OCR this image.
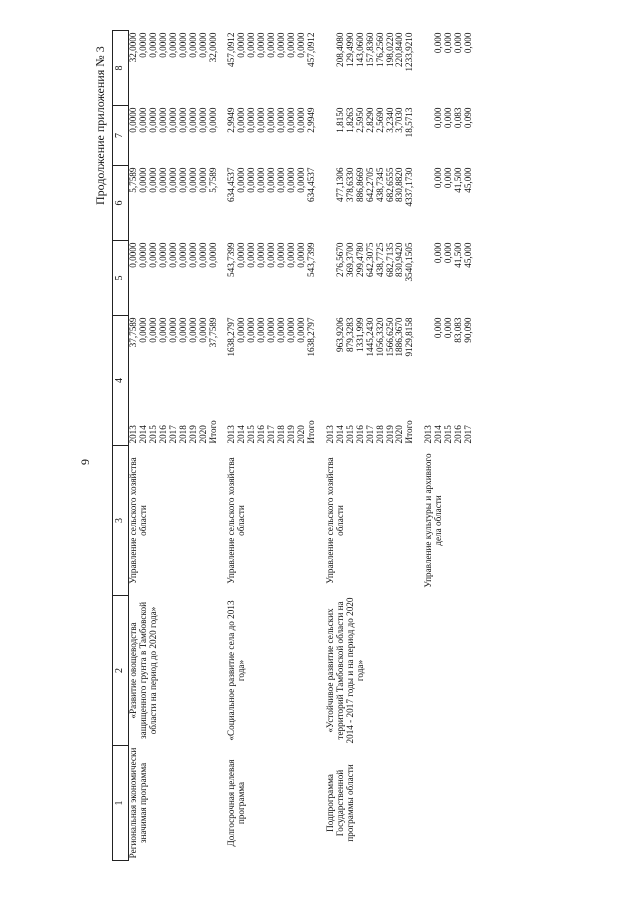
9
Продолжение приложения № 3
1	2	3	4		5	6	7	8

Региональная экономически значимая программа	«Развитие овощеводства защищенного грунта в Тамбовской области на период до 2020 года»	Управление сельского хозяйства области	2013	37,7589	0,0000	5,7589	0,0000	32,0000
			2014	0,0000	0,0000	0,0000	0,0000	0,0000
			2015	0,0000	0,0000	0,0000	0,0000	0,0000
			2016	0,0000	0,0000	0,0000	0,0000	0,0000
			2017	0,0000	0,0000	0,0000	0,0000	0,0000
			2018	0,0000	0,0000	0,0000	0,0000	0,0000
			2019	0,0000	0,0000	0,0000	0,0000	0,0000
			2020	0,0000	0,0000	0,0000	0,0000	0,0000
			Итого	37,7589	0,0000	5,7589	0,0000	32,0000

Долгосрочная целевая программа	«Социальное развитие села до 2013 года»	Управление сельского хозяйства области	2013	1638,2797	543,7399	634,4537	2,9949	457,0912
			2014	0,0000	0,0000	0,0000	0,0000	0,0000
			2015	0,0000	0,0000	0,0000	0,0000	0,0000
			2016	0,0000	0,0000	0,0000	0,0000	0,0000
			2017	0,0000	0,0000	0,0000	0,0000	0,0000
			2018	0,0000	0,0000	0,0000	0,0000	0,0000
			2019	0,0000	0,0000	0,0000	0,0000	0,0000
			2020	0,0000	0,0000	0,0000	0,0000	0,0000
			Итого	1638,2797	543,7399	634,4537	2,9949	457,0912

Подпрограмма Государственной программы области	«Устойчивое развитие сельских территорий Тамбовской области на 2014 - 2017 годы и на период до 2020 года»	Управление сельского хозяйства области	2013					
			2014	963,9206	276,5670	477,1306	1,8150	208,4080
			2015	879,3283	369,3700	378,6330	1,8263	129,4990
			2016	1331,999	299,4780	886,8669	2,5950	143,0600
			2017	1445,2430	642,3075	642,2705	2,8290	157,8360
			2018	1056,3320	438,7725	438,7345	2,5690	176,2560
			2019	1566,6250	682,7135	682,6555	3,2340	198,0220
			2020	1886,3670	830,9420	830,8820	3,7030	220,8400
			Итого	9129,8158	3540,1505	4337,1730	18,5713	1233,9210

		Управление культуры и архивного дела области	2013					
			2014	0,000	0,000	0,000	0,000	0,000
			2015	0,000	0,000	0,000	0,000	0,000
			2016	83,083	41,500	41,500	0,083	0,000
			2017	90,090	45,000	45,000	0,090	0,000
